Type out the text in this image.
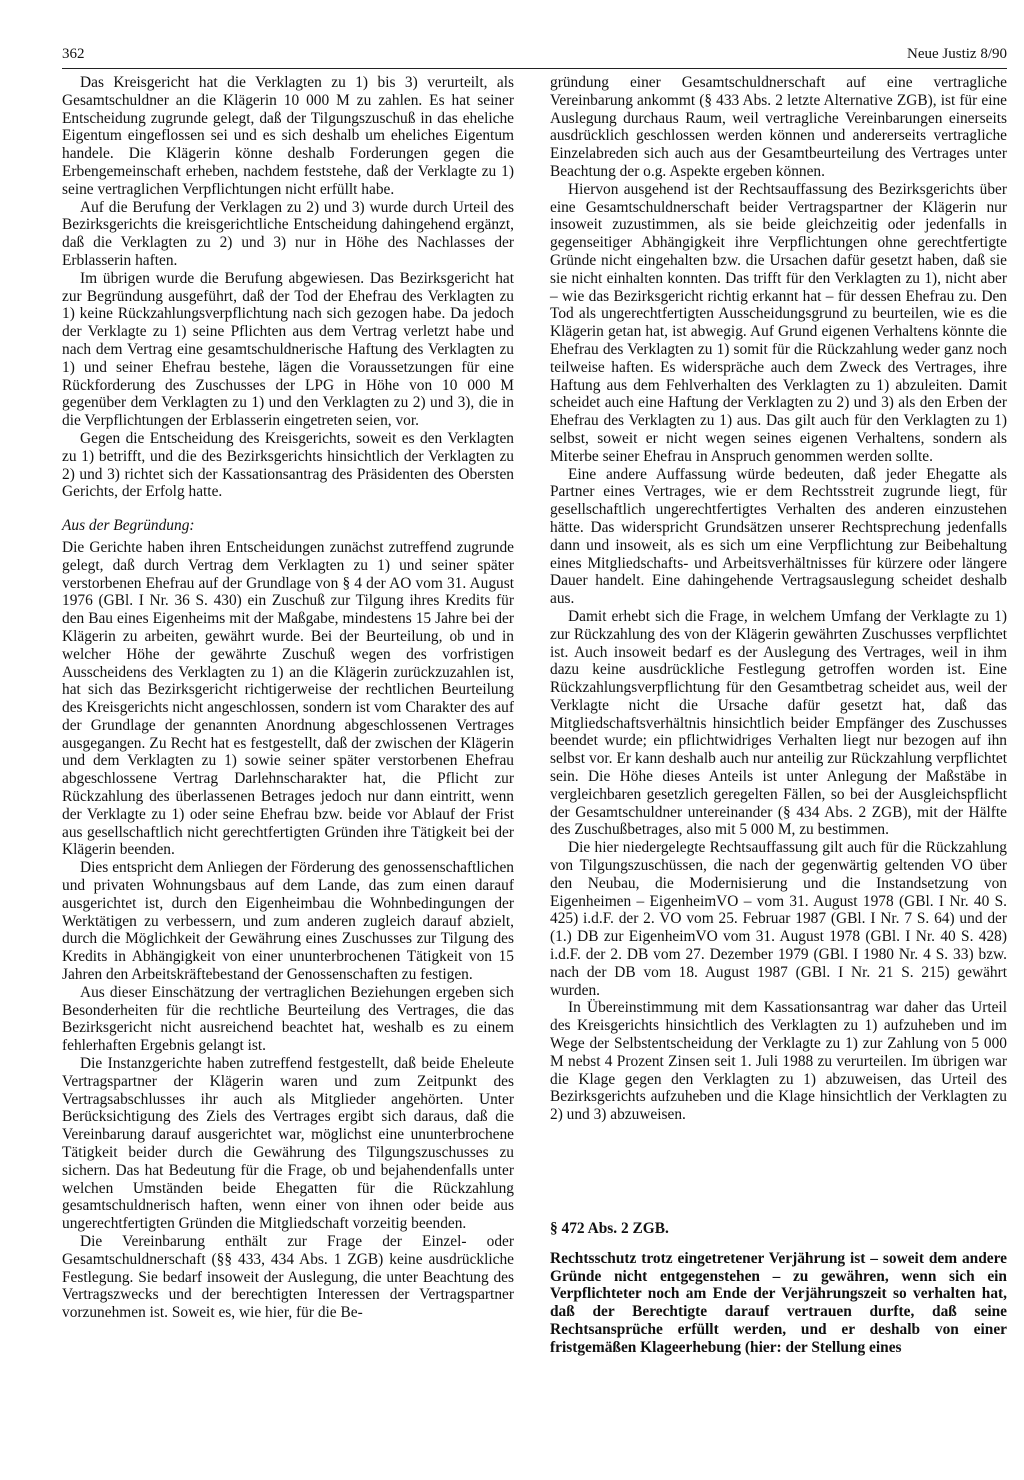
362	Neue Justiz 8/90

Das Kreisgericht hat die Verklagten zu 1) bis 3) verurteilt, als Gesamtschuldner an die Klägerin 10 000 M zu zahlen. Es hat seiner Entscheidung zugrunde gelegt, daß der Tilgungszuschuß in das eheliche Eigentum eingeflossen sei und es sich deshalb um eheliches Eigentum handele. Die Klägerin könne deshalb Forderungen gegen die Erbengemeinschaft erheben, nachdem feststehe, daß der Verklagte zu 1) seine vertraglichen Verpflichtungen nicht erfüllt habe.

Auf die Berufung der Verklagen zu 2) und 3) wurde durch Urteil des Bezirksgerichts die kreisgerichtliche Entscheidung dahingehend ergänzt, daß die Verklagten zu 2) und 3) nur in Höhe des Nachlasses der Erblasserin haften.

Im übrigen wurde die Berufung abgewiesen. Das Bezirksgericht hat zur Begründung ausgeführt, daß der Tod der Ehefrau des Verklagten zu 1) keine Rückzahlungsverpflichtung nach sich gezogen habe. Da jedoch der Verklagte zu 1) seine Pflichten aus dem Vertrag verletzt habe und nach dem Vertrag eine gesamtschuldnerische Haftung des Verklagten zu 1) und seiner Ehefrau bestehe, lägen die Voraussetzungen für eine Rückforderung des Zuschusses der LPG in Höhe von 10 000 M gegenüber dem Verklagten zu 1) und den Verklagten zu 2) und 3), die in die Verpflichtungen der Erblasserin eingetreten seien, vor.

Gegen die Entscheidung des Kreisgerichts, soweit es den Verklagten zu 1) betrifft, und die des Bezirksgerichts hinsichtlich der Verklagten zu 2) und 3) richtet sich der Kassationsantrag des Präsidenten des Obersten Gerichts, der Erfolg hatte.

Aus der Begründung:

Die Gerichte haben ihren Entscheidungen zunächst zutreffend zugrunde gelegt, daß durch Vertrag dem Verklagten zu 1) und seiner später verstorbenen Ehefrau auf der Grundlage von § 4 der AO vom 31. August 1976 (GBl. I Nr. 36 S. 430) ein Zuschuß zur Tilgung ihres Kredits für den Bau eines Eigenheims mit der Maßgabe, mindestens 15 Jahre bei der Klägerin zu arbeiten, gewährt wurde. Bei der Beurteilung, ob und in welcher Höhe der gewährte Zuschuß wegen des vorfristigen Ausscheidens des Verklagten zu 1) an die Klägerin zurückzuzahlen ist, hat sich das Bezirksgericht richtigerweise der rechtlichen Beurteilung des Kreisgerichts nicht angeschlossen, sondern ist vom Charakter des auf der Grundlage der genannten Anordnung abgeschlossenen Vertrages ausgegangen. Zu Recht hat es festgestellt, daß der zwischen der Klägerin und dem Verklagten zu 1) sowie seiner später verstorbenen Ehefrau abgeschlossene Vertrag Darlehnscharakter hat, die Pflicht zur Rückzahlung des überlassenen Betrages jedoch nur dann eintritt, wenn der Verklagte zu 1) oder seine Ehefrau bzw. beide vor Ablauf der Frist aus gesellschaftlich nicht gerechtfertigten Gründen ihre Tätigkeit bei der Klägerin beenden.

Dies entspricht dem Anliegen der Förderung des genossenschaftlichen und privaten Wohnungsbaus auf dem Lande, das zum einen darauf ausgerichtet ist, durch den Eigenheimbau die Wohnbedingungen der Werktätigen zu verbessern, und zum anderen zugleich darauf abzielt, durch die Möglichkeit der Gewährung eines Zuschusses zur Tilgung des Kredits in Abhängigkeit von einer ununterbrochenen Tätigkeit von 15 Jahren den Arbeitskräftebestand der Genossenschaften zu festigen.

Aus dieser Einschätzung der vertraglichen Beziehungen ergeben sich Besonderheiten für die rechtliche Beurteilung des Vertrages, die das Bezirksgericht nicht ausreichend beachtet hat, weshalb es zu einem fehlerhaften Ergebnis gelangt ist.

Die Instanzgerichte haben zutreffend festgestellt, daß beide Eheleute Vertragspartner der Klägerin waren und zum Zeitpunkt des Vertragsabschlusses ihr auch als Mitglieder angehörten. Unter Berücksichtigung des Ziels des Vertrages ergibt sich daraus, daß die Vereinbarung darauf ausgerichtet war, möglichst eine ununterbrochene Tätigkeit beider durch die Gewährung des Tilgungszuschusses zu sichern. Das hat Bedeutung für die Frage, ob und bejahendenfalls unter welchen Umständen beide Ehegatten für die Rückzahlung gesamtschuldnerisch haften, wenn einer von ihnen oder beide aus ungerechtfertigten Gründen die Mitgliedschaft vorzeitig beenden.

Die Vereinbarung enthält zur Frage der Einzel- oder Gesamtschuldnerschaft (§§ 433, 434 Abs. 1 ZGB) keine ausdrückliche Festlegung. Sie bedarf insoweit der Auslegung, die unter Beachtung des Vertragszwecks und der berechtigten Interessen der Vertragspartner vorzunehmen ist. Soweit es, wie hier, für die Be-

gründung einer Gesamtschuldnerschaft auf eine vertragliche Vereinbarung ankommt (§ 433 Abs. 2 letzte Alternative ZGB), ist für eine Auslegung durchaus Raum, weil vertragliche Vereinbarungen einerseits ausdrücklich geschlossen werden können und andererseits vertragliche Einzelabreden sich auch aus der Gesamtbeurteilung des Vertrages unter Beachtung der o.g. Aspekte ergeben können.

Hiervon ausgehend ist der Rechtsauffassung des Bezirksgerichts über eine Gesamtschuldnerschaft beider Vertragspartner der Klägerin nur insoweit zuzustimmen, als sie beide gleichzeitig oder jedenfalls in gegenseitiger Abhängigkeit ihre Verpflichtungen ohne gerechtfertigte Gründe nicht eingehalten bzw. die Ursachen dafür gesetzt haben, daß sie sie nicht einhalten konnten. Das trifft für den Verklagten zu 1), nicht aber – wie das Bezirksgericht richtig erkannt hat – für dessen Ehefrau zu. Den Tod als ungerechtfertigten Ausscheidungsgrund zu beurteilen, wie es die Klägerin getan hat, ist abwegig. Auf Grund eigenen Verhaltens könnte die Ehefrau des Verklagten zu 1) somit für die Rückzahlung weder ganz noch teilweise haften. Es widerspräche auch dem Zweck des Vertrages, ihre Haftung aus dem Fehlverhalten des Verklagten zu 1) abzuleiten. Damit scheidet auch eine Haftung der Verklagten zu 2) und 3) als den Erben der Ehefrau des Verklagten zu 1) aus. Das gilt auch für den Verklagten zu 1) selbst, soweit er nicht wegen seines eigenen Verhaltens, sondern als Miterbe seiner Ehefrau in Anspruch genommen werden sollte.

Eine andere Auffassung würde bedeuten, daß jeder Ehegatte als Partner eines Vertrages, wie er dem Rechtsstreit zugrunde liegt, für gesellschaftlich ungerechtfertigtes Verhalten des anderen einzustehen hätte. Das widerspricht Grundsätzen unserer Rechtsprechung jedenfalls dann und insoweit, als es sich um eine Verpflichtung zur Beibehaltung eines Mitgliedschafts- und Arbeitsverhältnisses für kürzere oder längere Dauer handelt. Eine dahingehende Vertragsauslegung scheidet deshalb aus.

Damit erhebt sich die Frage, in welchem Umfang der Verklagte zu 1) zur Rückzahlung des von der Klägerin gewährten Zuschusses verpflichtet ist. Auch insoweit bedarf es der Auslegung des Vertrages, weil in ihm dazu keine ausdrückliche Festlegung getroffen worden ist. Eine Rückzahlungsverpflichtung für den Gesamtbetrag scheidet aus, weil der Verklagte nicht die Ursache dafür gesetzt hat, daß das Mitgliedschaftsverhältnis hinsichtlich beider Empfänger des Zuschusses beendet wurde; ein pflichtwidriges Verhalten liegt nur bezogen auf ihn selbst vor. Er kann deshalb auch nur anteilig zur Rückzahlung verpflichtet sein. Die Höhe dieses Anteils ist unter Anlegung der Maßstäbe in vergleichbaren gesetzlich geregelten Fällen, so bei der Ausgleichspflicht der Gesamtschuldner untereinander (§ 434 Abs. 2 ZGB), mit der Hälfte des Zuschußbetrages, also mit 5 000 M, zu bestimmen.

Die hier niedergelegte Rechtsauffassung gilt auch für die Rückzahlung von Tilgungszuschüssen, die nach der gegenwärtig geltenden VO über den Neubau, die Modernisierung und die Instandsetzung von Eigenheimen – EigenheimVO – vom 31. August 1978 (GBl. I Nr. 40 S. 425) i.d.F. der 2. VO vom 25. Februar 1987 (GBl. I Nr. 7 S. 64) und der (1.) DB zur EigenheimVO vom 31. August 1978 (GBl. I Nr. 40 S. 428) i.d.F. der 2. DB vom 27. Dezember 1979 (GBl. I 1980 Nr. 4 S. 33) bzw. nach der DB vom 18. August 1987 (GBl. I Nr. 21 S. 215) gewährt wurden.

In Übereinstimmung mit dem Kassationsantrag war daher das Urteil des Kreisgerichts hinsichtlich des Verklagten zu 1) aufzuheben und im Wege der Selbstentscheidung der Verklagte zu 1) zur Zahlung von 5 000 M nebst 4 Prozent Zinsen seit 1. Juli 1988 zu verurteilen. Im übrigen war die Klage gegen den Verklagten zu 1) abzuweisen, das Urteil des Bezirksgerichts aufzuheben und die Klage hinsichtlich der Verklagten zu 2) und 3) abzuweisen.

§ 472 Abs. 2 ZGB.

Rechtsschutz trotz eingetretener Verjährung ist – soweit dem andere Gründe nicht entgegenstehen – zu gewähren, wenn sich ein Verpflichteter noch am Ende der Verjährungszeit so verhalten hat, daß der Berechtigte darauf vertrauen durfte, daß seine Rechtsansprüche erfüllt werden, und er deshalb von einer fristgemäßen Klageerhebung (hier: der Stellung eines
